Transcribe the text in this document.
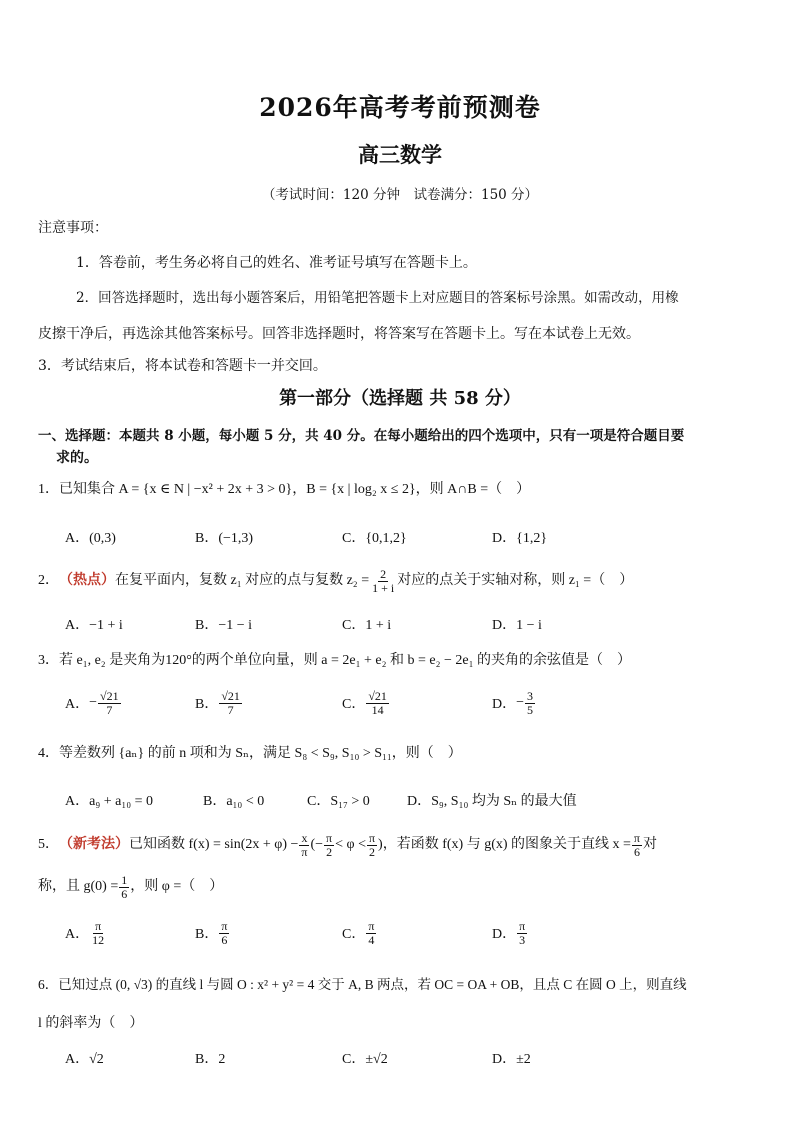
2026年高考考前预测卷
高三数学
（考试时间：120 分钟　试卷满分：150 分）
注意事项：
1．答卷前，考生务必将自己的姓名、准考证号填写在答题卡上。
2．回答选择题时，选出每小题答案后，用铅笔把答题卡上对应题目的答案标号涂黑。如需改动，用橡
皮擦干净后，再选涂其他答案标号。回答非选择题时，将答案写在答题卡上。写在本试卷上无效。
3．考试结束后，将本试卷和答题卡一并交回。
第一部分（选择题 共 58 分）
一、选择题：本题共 8 小题，每小题 5 分，共 40 分。在每小题给出的四个选项中，只有一项是符合题目要
求的。
1．已知集合 A = {x ∈ N | −x² + 2x + 3 > 0}，B = {x | log₂ x ≤ 2}，则 A∩B =（　）
A．(0,3)	B．(−1,3)	C．{0,1,2}	D．{1,2}
2． （热点） 在复平面内，复数 z₁ 对应的点与复数 $z_2 = \frac{2}{1 + i}$ 对应的点关于实轴对称，则 z₁ =（　）
A．−1 + i	B．−1 − i	C．1 + i	D．1 − i
3．若 e₁, e₂ 是夹角为120°的两个单位向量，则 a = 2e₁ + e₂ 和 b = e₂ − 2e₁ 的夹角的余弦值是（　）
A． − $\frac{√21}{7}$	B． $\frac{√21}{7}$	C． $\frac{√21}{14}$	D． − $\frac{3}{5}$
4．等差数列 {aₙ} 的前 n 项和为 Sₙ，满足 S₈ < S₉, S₁₀ > S₁₁，则（　）
A．a₉ + a₁₀ = 0	B．a₁₀ < 0	C．S₁₇ > 0	D．S₉, S₁₀ 均为 Sₙ 的最大值
5． （新考法） 已知函数 $f(x) = \sin(2x + \varphi) - \frac{x}{\pi}$ (− $\frac{\pi}{2} < \varphi < \frac{\pi}{2}$ )，若函数 f(x) 与 g(x) 的图象关于直线 $x = \frac{\pi}{6}$ 对
称，且 $g(0) = \frac{1}{6}$ ，则 φ =（　）
A． $\frac{\pi}{12}$	B． $\frac{\pi}{6}$	C． $\frac{\pi}{4}$	D． $\frac{\pi}{3}$
6．已知过点 (0, √3) 的直线 l 与圆 O : x² + y² = 4 交于 A, B 两点，若 OC = OA + OB，且点 C 在圆 O 上，则直线
l 的斜率为（　）
A．√2	B．2	C．±√2	D．±2
